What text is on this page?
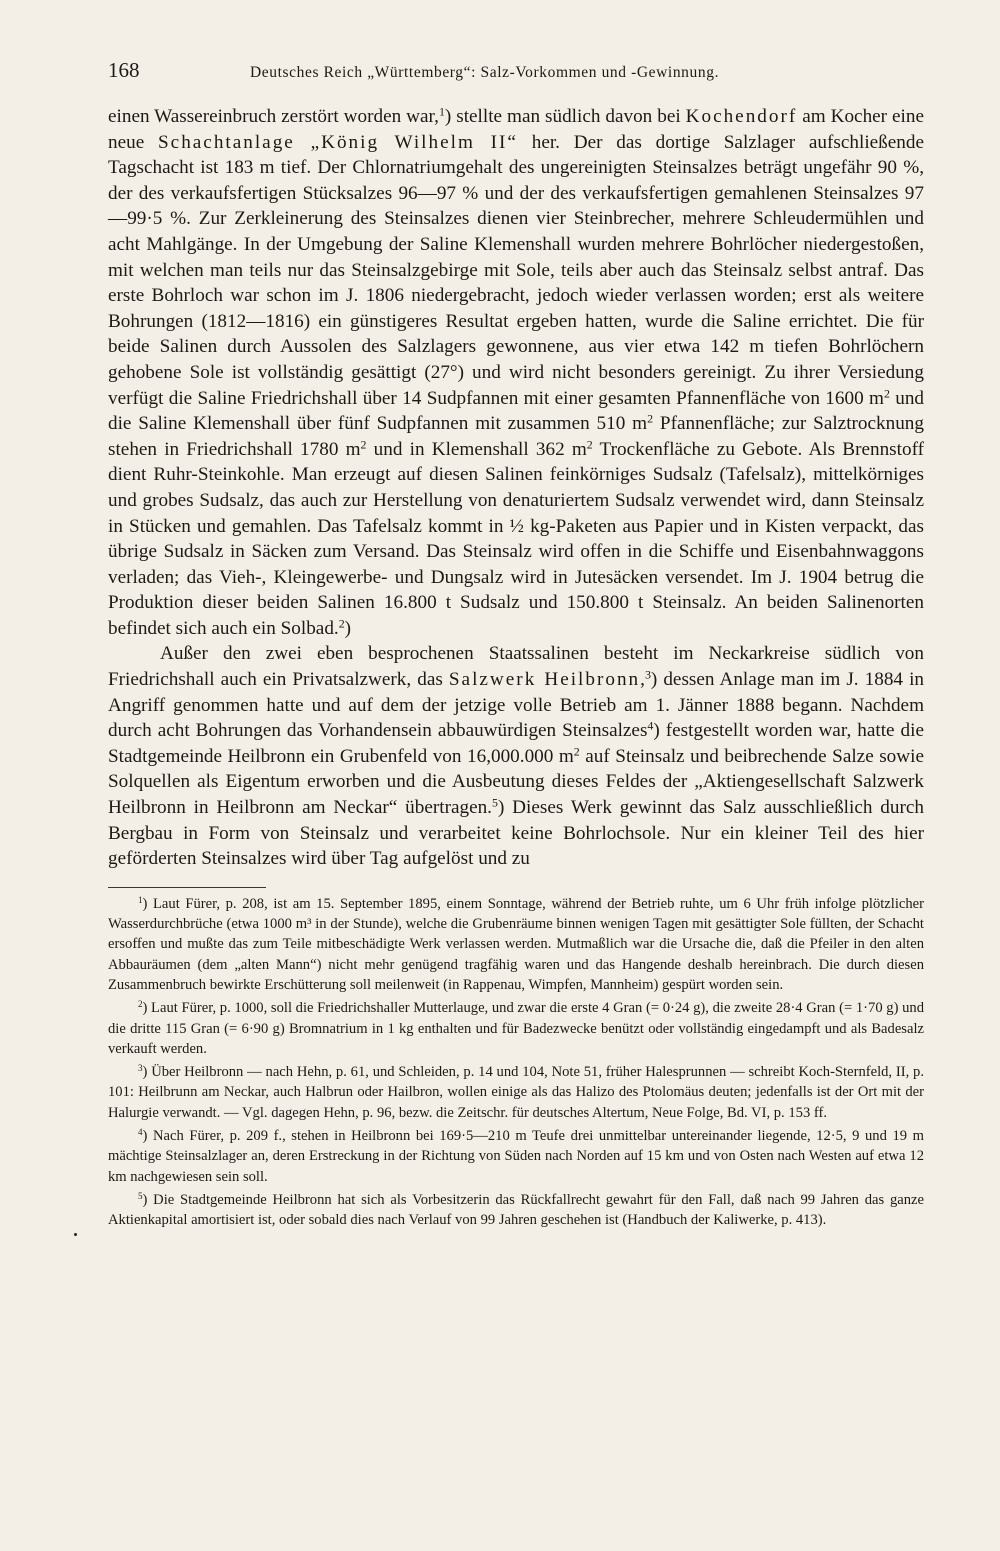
168	Deutsches Reich „Württemberg“: Salz-Vorkommen und -Gewinnung.

einen Wassereinbruch zerstört worden war,$^1$) stellte man südlich davon bei Kochendorf am Kocher eine neue Schachtanlage „König Wilhelm II“ her. Der das dortige Salzlager aufschließende Tagschacht ist 183 m tief. Der Chlornatriumgehalt des ungereinigten Steinsalzes beträgt ungefähr 90 %, der des verkaufsfertigen Stücksalzes 96—97 % und der des verkaufsfertigen gemahlenen Steinsalzes 97—99·5 %. Zur Zerkleinerung des Steinsalzes dienen vier Steinbrecher, mehrere Schleudermühlen und acht Mahlgänge. In der Umgebung der Saline Klemenshall wurden mehrere Bohrlöcher niedergestoßen, mit welchen man teils nur das Steinsalzgebirge mit Sole, teils aber auch das Steinsalz selbst antraf. Das erste Bohrloch war schon im J. 1806 niedergebracht, jedoch wieder verlassen worden; erst als weitere Bohrungen (1812—1816) ein günstigeres Resultat ergeben hatten, wurde die Saline errichtet. Die für beide Salinen durch Aussolen des Salzlagers gewonnene, aus vier etwa 142 m tiefen Bohrlöchern gehobene Sole ist vollständig gesättigt (27°) und wird nicht besonders gereinigt. Zu ihrer Versiedung verfügt die Saline Friedrichshall über 14 Sudpfannen mit einer gesamten Pfannenfläche von 1600 $m^2$ und die Saline Klemenshall über fünf Sudpfannen mit zusammen 510 $m^2$ Pfannenfläche; zur Salztrocknung stehen in Friedrichshall 1780 $m^2$ und in Klemenshall 362 $m^2$ Trockenfläche zu Gebote. Als Brennstoff dient Ruhr-Steinkohle. Man erzeugt auf diesen Salinen feinkörniges Sudsalz (Tafelsalz), mittelkörniges und grobes Sudsalz, das auch zur Herstellung von denaturiertem Sudsalz verwendet wird, dann Steinsalz in Stücken und gemahlen. Das Tafelsalz kommt in ½ kg-Paketen aus Papier und in Kisten verpackt, das übrige Sudsalz in Säcken zum Versand. Das Steinsalz wird offen in die Schiffe und Eisenbahnwaggons verladen; das Vieh-, Kleingewerbe- und Dungsalz wird in Jutesäcken versendet. Im J. 1904 betrug die Produktion dieser beiden Salinen 16.800 t Sudsalz und 150.800 t Steinsalz. An beiden Salinenorten befindet sich auch ein Solbad.$^2$)

Außer den zwei eben besprochenen Staatssalinen besteht im Neckarkreise südlich von Friedrichshall auch ein Privatsalzwerk, das Salzwerk Heilbronn,$^3$) dessen Anlage man im J. 1884 in Angriff genommen hatte und auf dem der jetzige volle Betrieb am 1. Jänner 1888 begann. Nachdem durch acht Bohrungen das Vorhandensein abbauwürdigen Steinsalzes$^4$) festgestellt worden war, hatte die Stadtgemeinde Heilbronn ein Grubenfeld von 16,000.000 $m^2$ auf Steinsalz und beibrechende Salze sowie Solquellen als Eigentum erworben und die Ausbeutung dieses Feldes der „Aktiengesellschaft Salzwerk Heilbronn in Heilbronn am Neckar“ übertragen.$^5$) Dieses Werk gewinnt das Salz ausschließlich durch Bergbau in Form von Steinsalz und verarbeitet keine Bohrlochsole. Nur ein kleiner Teil des hier geförderten Steinsalzes wird über Tag aufgelöst und zu

$^1$) Laut Fürer, p. 208, ist am 15. September 1895, einem Sonntage, während der Betrieb ruhte, um 6 Uhr früh infolge plötzlicher Wasserdurchbrüche (etwa 1000 m³ in der Stunde), welche die Grubenräume binnen wenigen Tagen mit gesättigter Sole füllten, der Schacht ersoffen und mußte das zum Teile mitbeschädigte Werk verlassen werden. Mutmaßlich war die Ursache die, daß die Pfeiler in den alten Abbauräumen (dem „alten Mann“) nicht mehr genügend tragfähig waren und das Hangende deshalb hereinbrach. Die durch diesen Zusammenbruch bewirkte Erschütterung soll meilenweit (in Rappenau, Wimpfen, Mannheim) gespürt worden sein.

$^2$) Laut Fürer, p. 1000, soll die Friedrichshaller Mutterlauge, und zwar die erste 4 Gran (= 0·24 g), die zweite 28·4 Gran (= 1·70 g) und die dritte 115 Gran (= 6·90 g) Bromnatrium in 1 kg enthalten und für Badezwecke benützt oder vollständig eingedampft und als Badesalz verkauft werden.

$^3$) Über Heilbronn — nach Hehn, p. 61, und Schleiden, p. 14 und 104, Note 51, früher Halesprunnen — schreibt Koch-Sternfeld, II, p. 101: Heilbrunn am Neckar, auch Halbrun oder Hailbron, wollen einige als das Halizo des Ptolomäus deuten; jedenfalls ist der Ort mit der Halurgie verwandt. — Vgl. dagegen Hehn, p. 96, bezw. die Zeitschr. für deutsches Altertum, Neue Folge, Bd. VI, p. 153 ff.

$^4$) Nach Fürer, p. 209 f., stehen in Heilbronn bei 169·5—210 m Teufe drei unmittelbar untereinander liegende, 12·5, 9 und 19 m mächtige Steinsalzlager an, deren Erstreckung in der Richtung von Süden nach Norden auf 15 km und von Osten nach Westen auf etwa 12 km nachgewiesen sein soll.

$^5$) Die Stadtgemeinde Heilbronn hat sich als Vorbesitzerin das Rückfallrecht gewahrt für den Fall, daß nach 99 Jahren das ganze Aktienkapital amortisiert ist, oder sobald dies nach Verlauf von 99 Jahren geschehen ist (Handbuch der Kaliwerke, p. 413).
